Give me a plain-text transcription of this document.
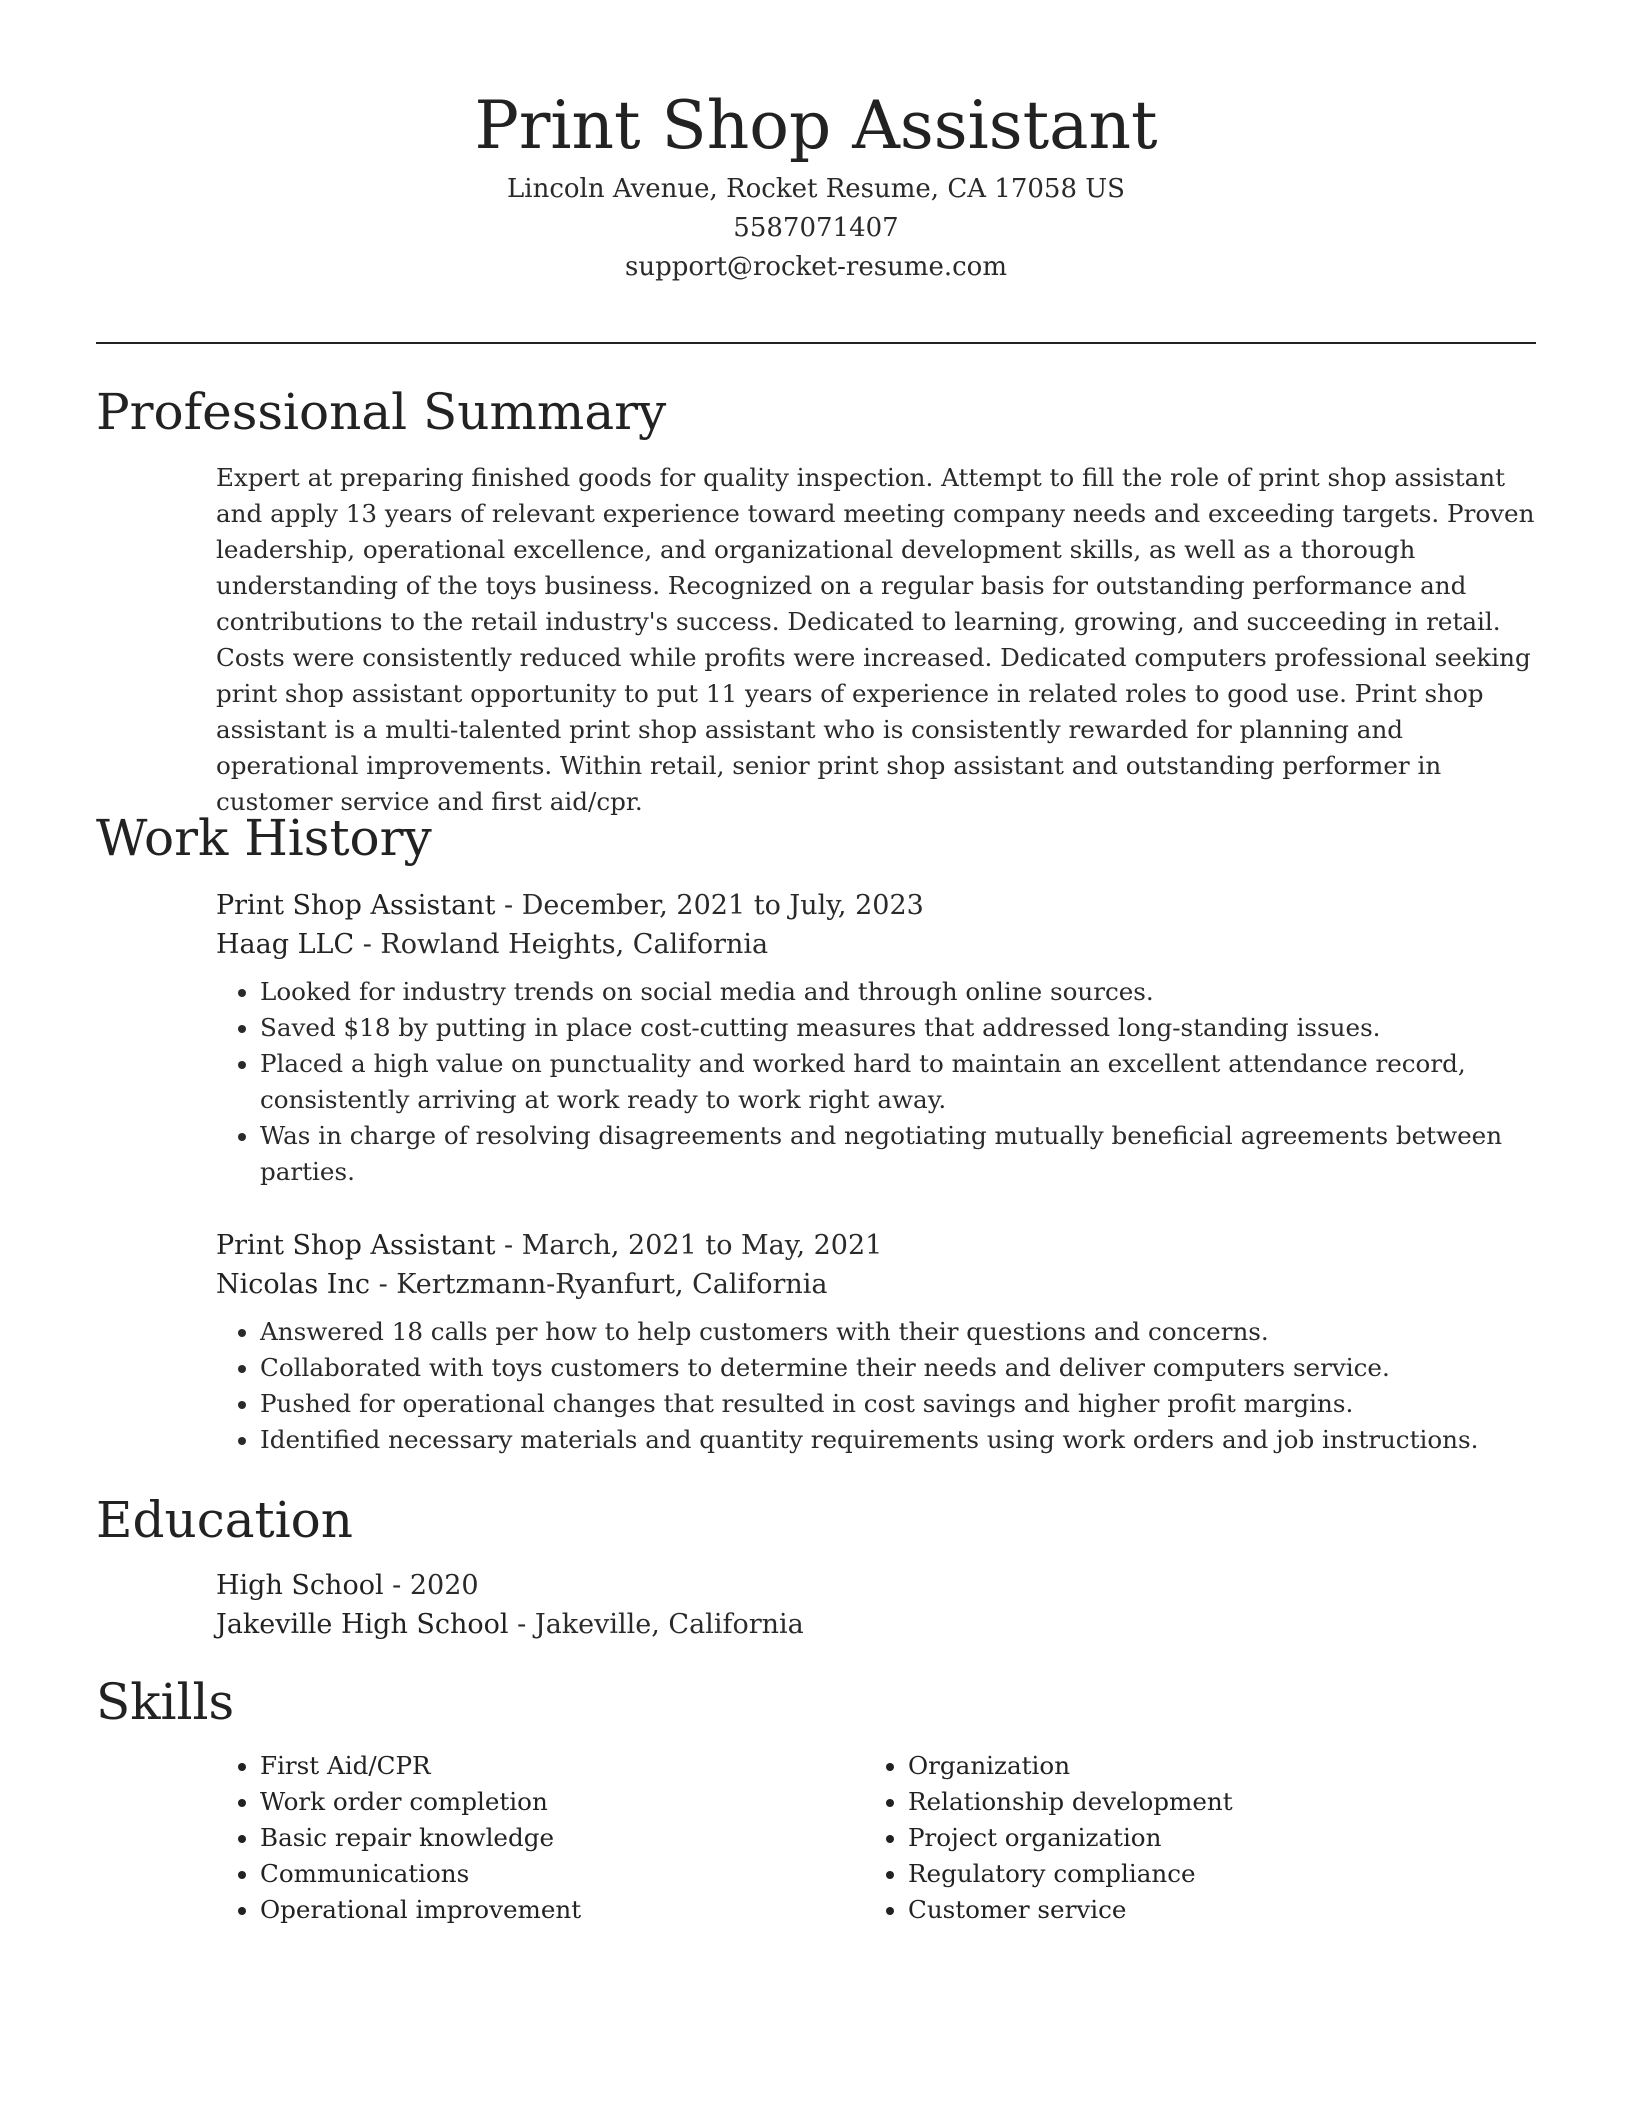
Print Shop Assistant
Lincoln Avenue, Rocket Resume, CA 17058 US
5587071407
support@rocket-resume.com
Professional Summary

Expert at preparing finished goods for quality inspection. Attempt to fill the role of print shop assistant and apply 13 years of relevant experience toward meeting company needs and exceeding targets. Proven leadership, operational excellence, and organizational development skills, as well as a thorough understanding of the toys business. Recognized on a regular basis for outstanding performance and contributions to the retail industry's success. Dedicated to learning, growing, and succeeding in retail. Costs were consistently reduced while profits were increased. Dedicated computers professional seeking print shop assistant opportunity to put 11 years of experience in related roles to good use. Print shop assistant is a multi-talented print shop assistant who is consistently rewarded for planning and operational improvements. Within retail, senior print shop assistant and outstanding performer in customer service and first aid/cpr.

Work History

Print Shop Assistant - December, 2021 to July, 2023

Haag LLC - Rowland Heights, California

• Looked for industry trends on social media and through online sources.
• Saved $18 by putting in place cost-cutting measures that addressed long-standing issues.
• Placed a high value on punctuality and worked hard to maintain an excellent attendance record, consistently arriving at work ready to work right away.
• Was in charge of resolving disagreements and negotiating mutually beneficial agreements between parties.

Print Shop Assistant - March, 2021 to May, 2021

Nicolas Inc - Kertzmann-Ryanfurt, California

• Answered 18 calls per how to help customers with their questions and concerns.
• Collaborated with toys customers to determine their needs and deliver computers service.
• Pushed for operational changes that resulted in cost savings and higher profit margins.
• Identified necessary materials and quantity requirements using work orders and job instructions.
Education

High School - 2020

Jakeville High School - Jakeville, California

Skills
• First Aid/CPR
• Work order completion
• Basic repair knowledge
• Communications
• Operational improvement
• Organization
• Relationship development
• Project organization
• Regulatory compliance
• Customer service
